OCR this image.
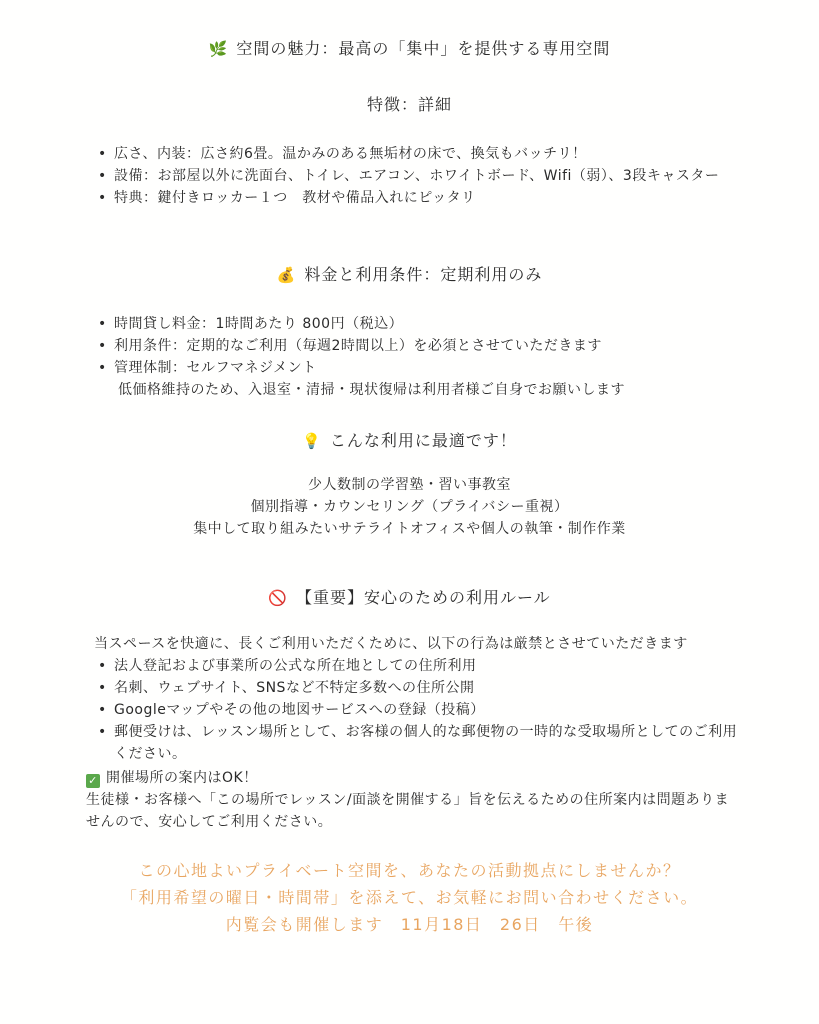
🌿 空間の魅力：最高の「集中」を提供する専用空間
特徴：詳細
• 広さ、内装：広さ約6畳。温かみのある無垢材の床で、換気もバッチリ！
• 設備：お部屋以外に洗面台、トイレ、エアコン、ホワイトボード、Wifi（弱）、3段キャスター
• 特典：鍵付きロッカー１つ　教材や備品入れにピッタリ
💰 料金と利用条件：定期利用のみ
• 時間貸し料金：1時間あたり 800円（税込）
• 利用条件：定期的なご利用（毎週2時間以上）を必須とさせていただきます
• 管理体制：セルフマネジメント
低価格維持のため、入退室・清掃・現状復帰は利用者様ご自身でお願いします
💡 こんな利用に最適です！
少人数制の学習塾・習い事教室
個別指導・カウンセリング（プライバシー重視）
集中して取り組みたいサテライトオフィスや個人の執筆・制作作業
🚫 【重要】安心のための利用ルール
当スペースを快適に、長くご利用いただくために、以下の行為は厳禁とさせていただきます
• 法人登記および事業所の公式な所在地としての住所利用
• 名刺、ウェブサイト、SNSなど不特定多数への住所公開
• Googleマップやその他の地図サービスへの登録（投稿）
• 郵便受けは、レッスン場所として、お客様の個人的な郵便物の一時的な受取場所としてのご利用ください。
✓ 開催場所の案内はOK！
生徒様・お客様へ「この場所でレッスン/面談を開催する」旨を伝えるための住所案内は問題ありませんので、安心してご利用ください。
この心地よいプライベート空間を、あなたの活動拠点にしませんか？
「利用希望の曜日・時間帯」を添えて、お気軽にお問い合わせください。
内覧会も開催します　11月18日　26日　午後
